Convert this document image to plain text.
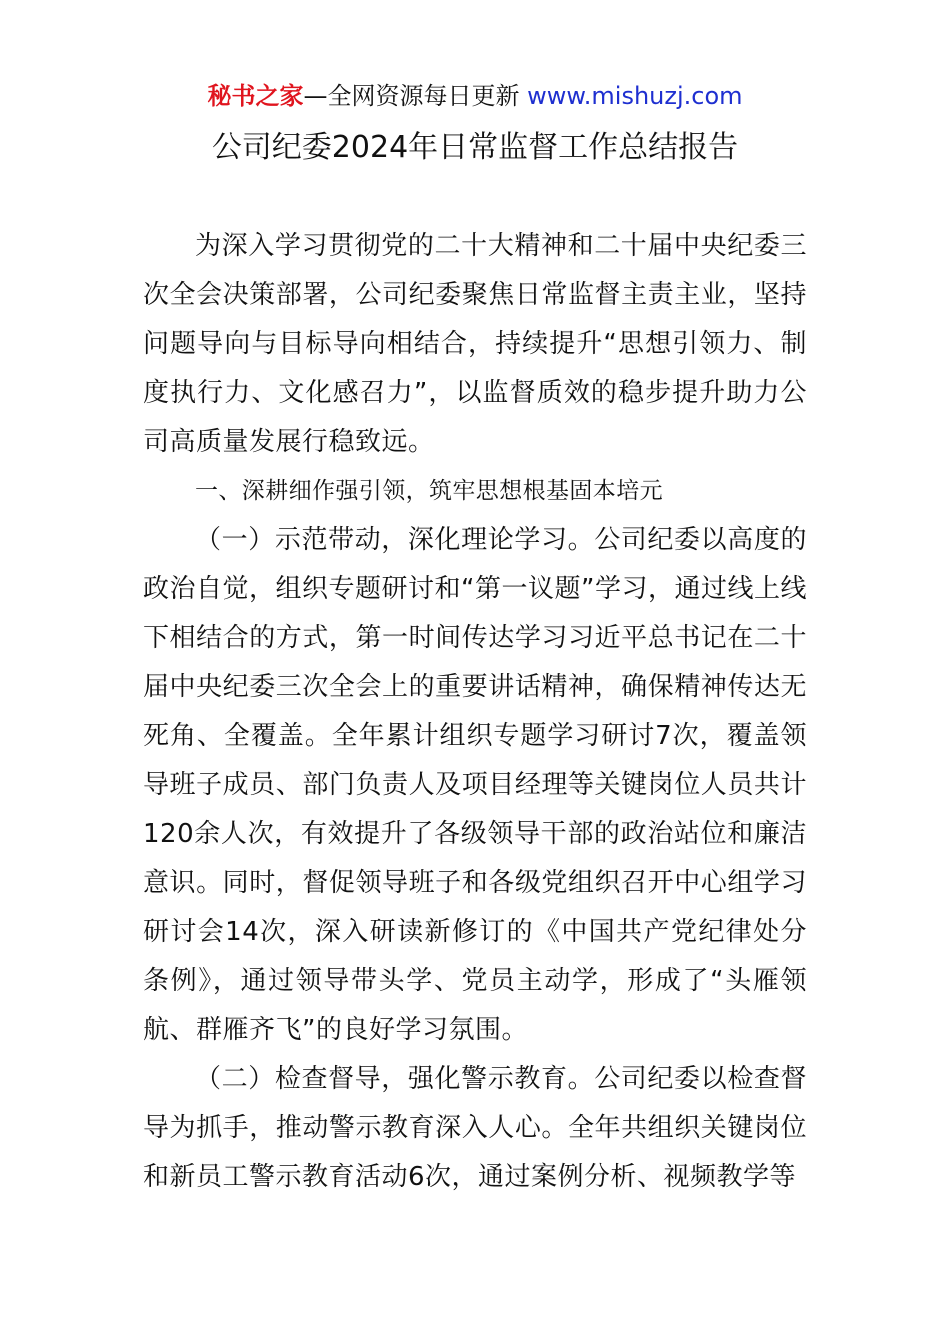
秘书之家—全网资源每日更新 www.mishuzj.com
公司纪委2024年日常监督工作总结报告

为深入学习贯彻党的二十大精神和二十届中央纪委三次全会决策部署，公司纪委聚焦日常监督主责主业，坚持问题导向与目标导向相结合，持续提升“思想引领力、制度执行力、文化感召力”，以监督质效的稳步提升助力公司高质量发展行稳致远。

一、深耕细作强引领，筑牢思想根基固本培元

（一）示范带动，深化理论学习。公司纪委以高度的政治自觉，组织专题研讨和“第一议题”学习，通过线上线下相结合的方式，第一时间传达学习习近平总书记在二十届中央纪委三次全会上的重要讲话精神，确保精神传达无死角、全覆盖。全年累计组织专题学习研讨7次，覆盖领导班子成员、部门负责人及项目经理等关键岗位人员共计120余人次，有效提升了各级领导干部的政治站位和廉洁意识。同时，督促领导班子和各级党组织召开中心组学习研讨会14次，深入研读新修订的《中国共产党纪律处分条例》，通过领导带头学、党员主动学，形成了“头雁领航、群雁齐飞”的良好学习氛围。

（二）检查督导，强化警示教育。公司纪委以检查督导为抓手，推动警示教育深入人心。全年共组织关键岗位和新员工警示教育活动6次，通过案例分析、视频教学等
